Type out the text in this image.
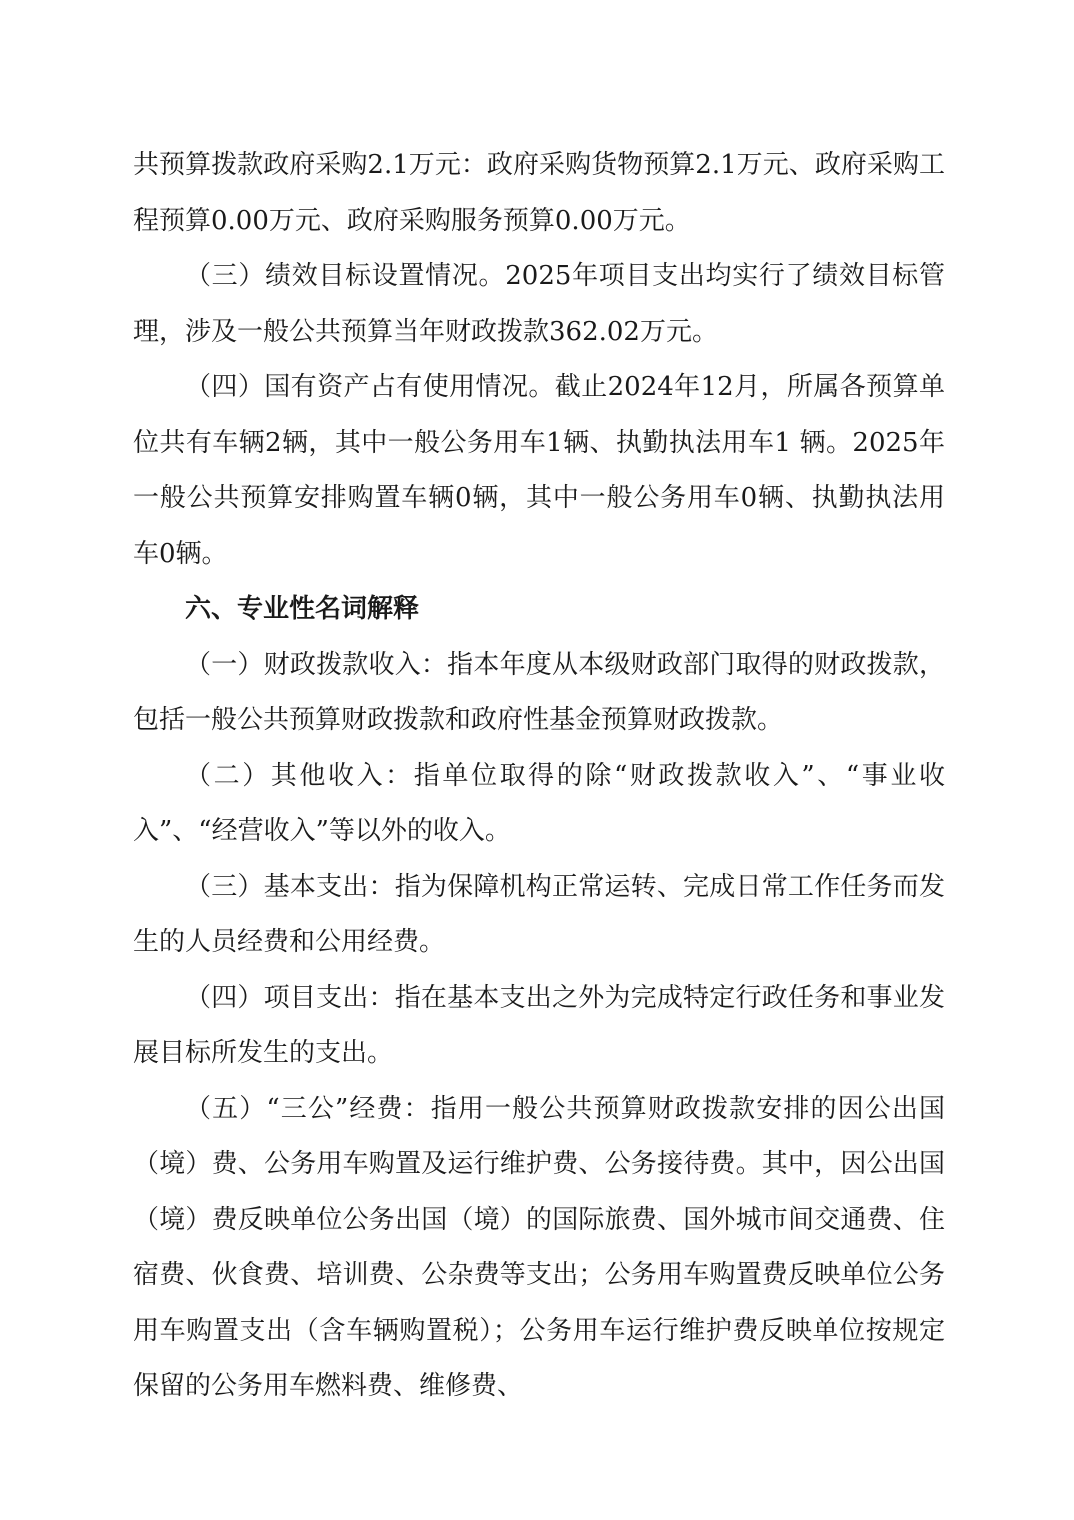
共预算拨款政府采购2.1万元：政府采购货物预算2.1万元、政府采购工程预算0.00万元、政府采购服务预算0.00万元。

（三）绩效目标设置情况。2025年项目支出均实行了绩效目标管理，涉及一般公共预算当年财政拨款362.02万元。

（四）国有资产占有使用情况。截止2024年12月，所属各预算单位共有车辆2辆，其中一般公务用车1辆、执勤执法用车1 辆。2025年一般公共预算安排购置车辆0辆，其中一般公务用车0辆、执勤执法用车0辆。

六、专业性名词解释

（一）财政拨款收入：指本年度从本级财政部门取得的财政拨款，包括一般公共预算财政拨款和政府性基金预算财政拨款。

（二）其他收入：指单位取得的除“财政拨款收入”、“事业收入”、“经营收入”等以外的收入。

（三）基本支出：指为保障机构正常运转、完成日常工作任务而发生的人员经费和公用经费。

（四）项目支出：指在基本支出之外为完成特定行政任务和事业发展目标所发生的支出。

（五）“三公”经费：指用一般公共预算财政拨款安排的因公出国（境）费、公务用车购置及运行维护费、公务接待费。其中，因公出国（境）费反映单位公务出国（境）的国际旅费、国外城市间交通费、住宿费、伙食费、培训费、公杂费等支出；公务用车购置费反映单位公务用车购置支出（含车辆购置税）；公务用车运行维护费反映单位按规定保留的公务用车燃料费、维修费、
